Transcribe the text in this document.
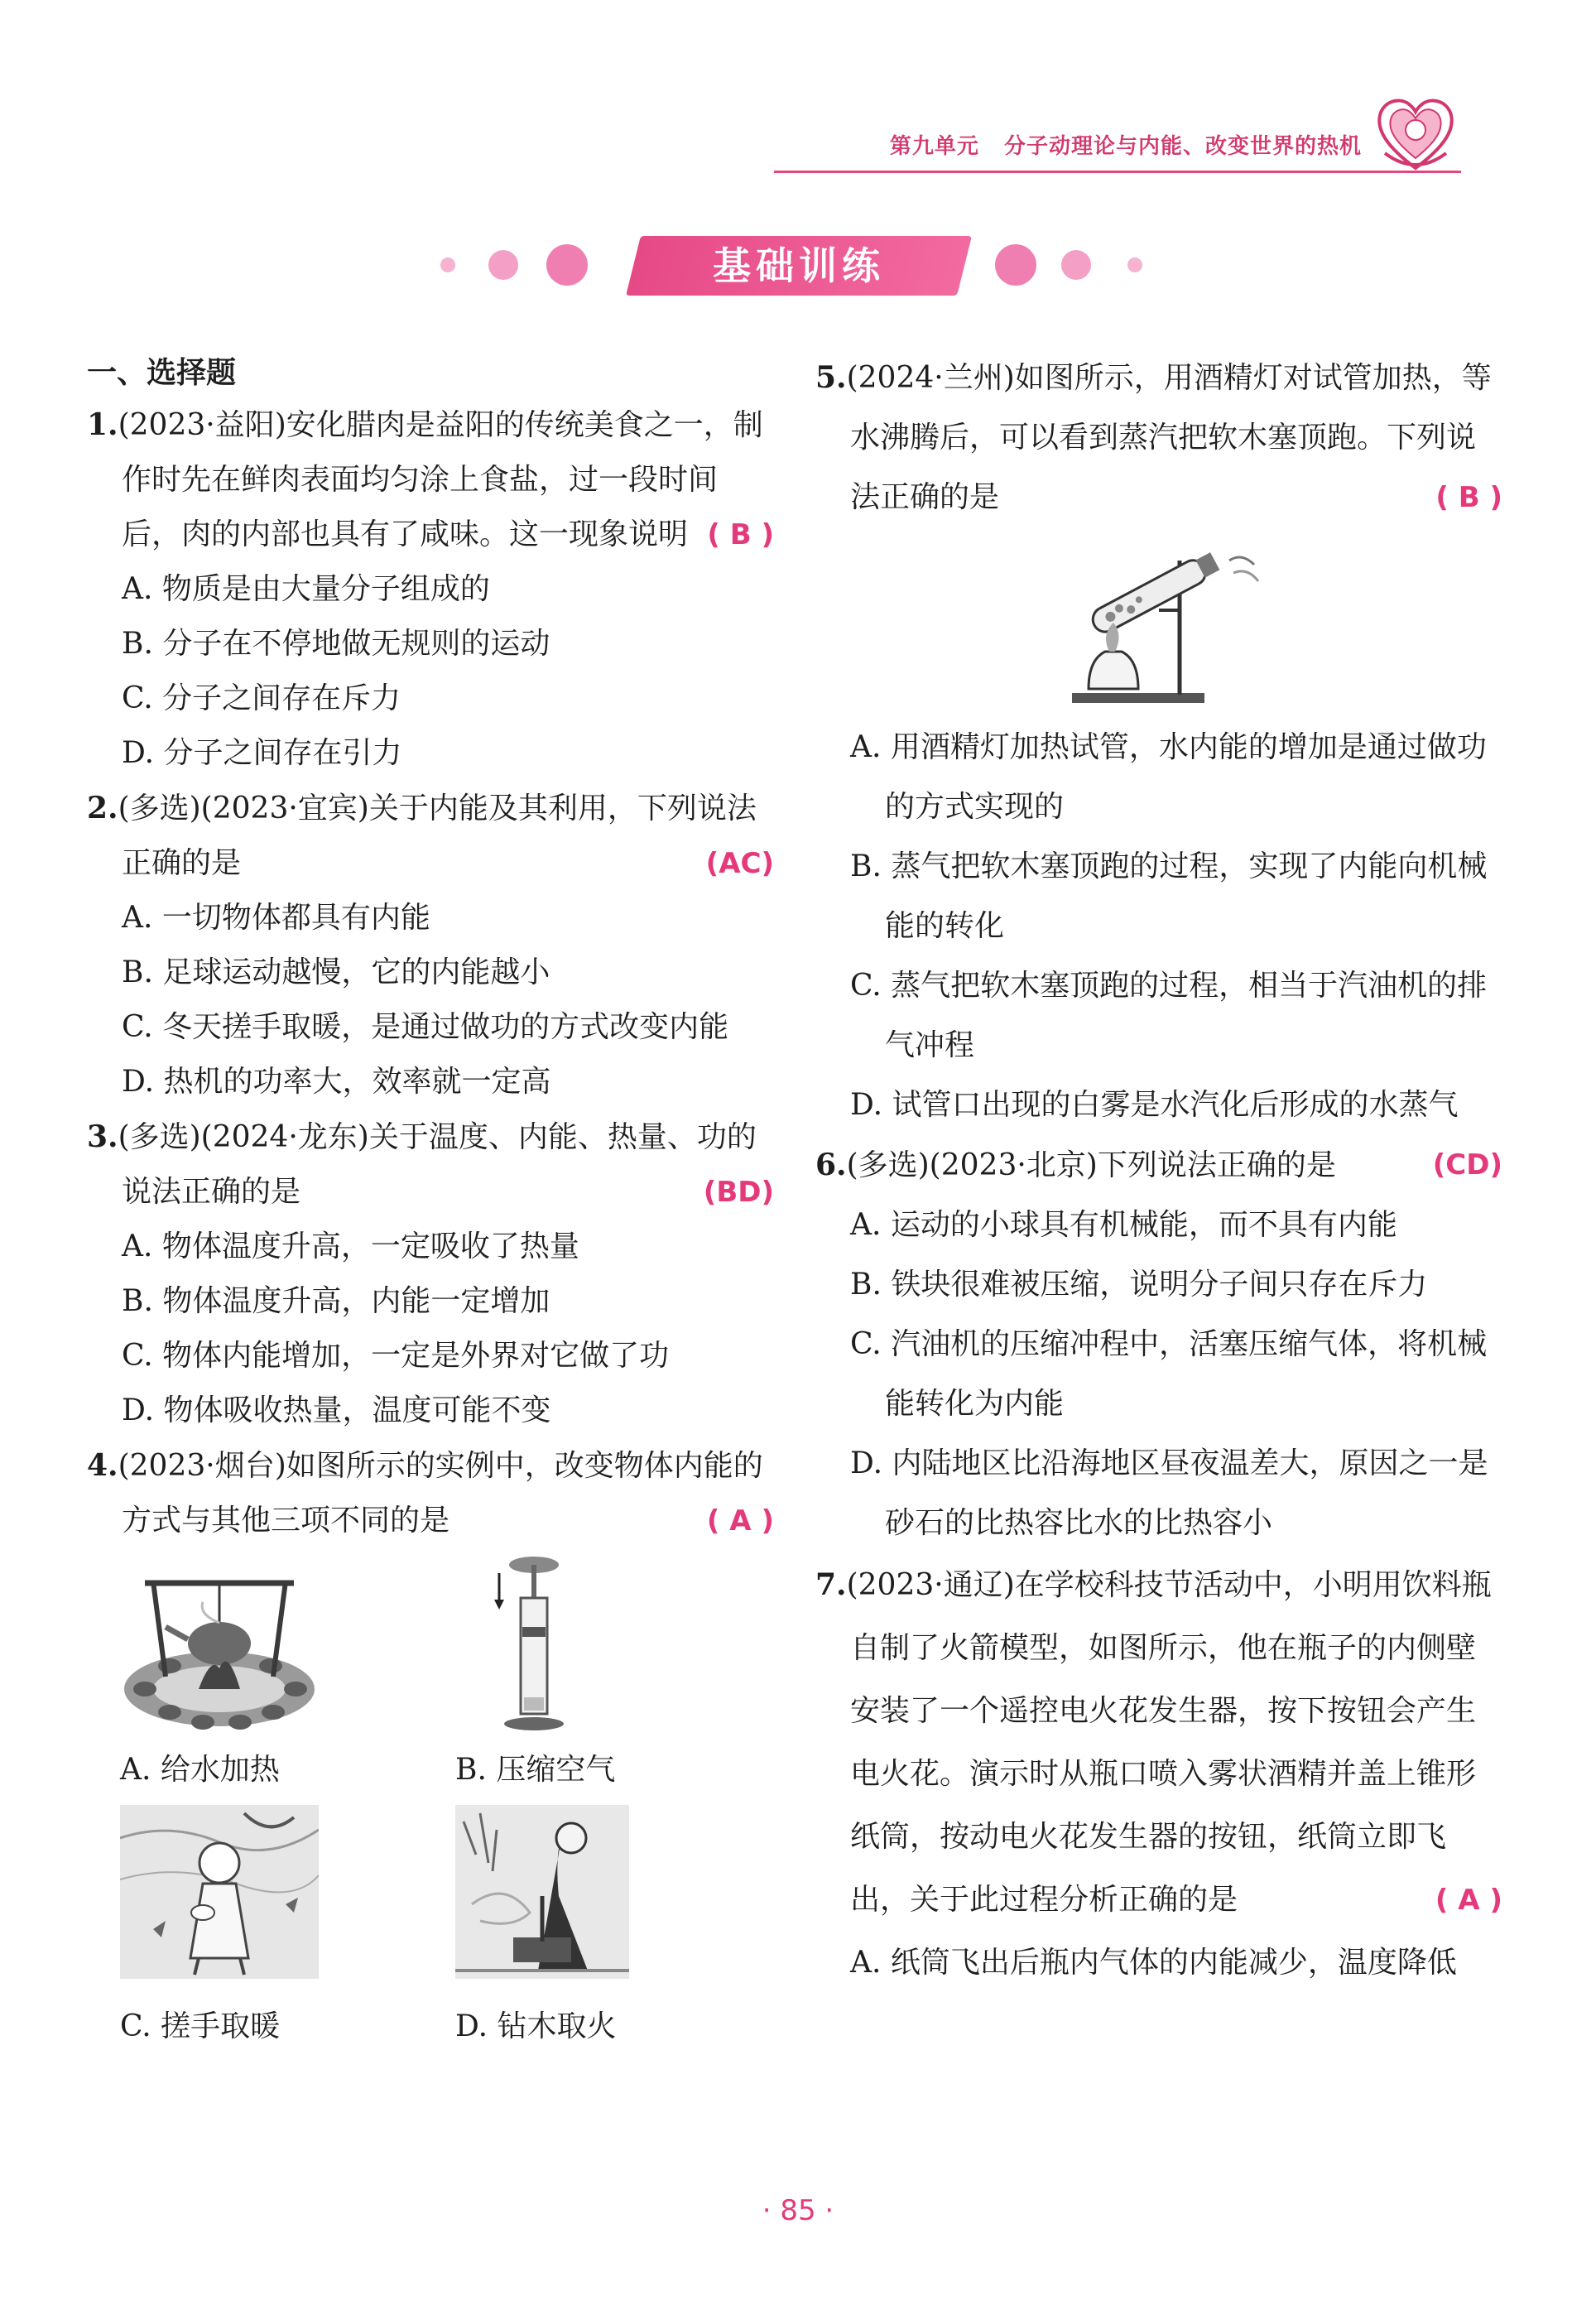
第九单元 分子动理论与内能、改变世界的热机
基础训练
一、选择题
1.(2023·益阳)安化腊肉是益阳的传统美食之一，制作时先在鲜肉表面均匀涂上食盐，过一段时间后，肉的内部也具有了咸味。这一现象说明 ( B )
A. 物质是由大量分子组成的
B. 分子在不停地做无规则的运动
C. 分子之间存在斥力
D. 分子之间存在引力
2.(多选)(2023·宜宾)关于内能及其利用，下列说法正确的是	(AC)
A. 一切物体都具有内能
B. 足球运动越慢，它的内能越小
C. 冬天搓手取暖，是通过做功的方式改变内能
D. 热机的功率大，效率就一定高
3.(多选)(2024·龙东)关于温度、内能、热量、功的说法正确的是	(BD)
A. 物体温度升高，一定吸收了热量
B. 物体温度升高，内能一定增加
C. 物体内能增加，一定是外界对它做了功
D. 物体吸收热量，温度可能不变
4.(2023·烟台)如图所示的实例中，改变物体内能的方式与其他三项不同的是	( A )
A. 给水加热	B. 压缩空气
C. 搓手取暖	D. 钻木取火
5.(2024·兰州)如图所示，用酒精灯对试管加热，等水沸腾后，可以看到蒸汽把软木塞顶跑。下列说法正确的是	( B )
A. 用酒精灯加热试管，水内能的增加是通过做功的方式实现的
B. 蒸气把软木塞顶跑的过程，实现了内能向机械能的转化
C. 蒸气把软木塞顶跑的过程，相当于汽油机的排气冲程
D. 试管口出现的白雾是水汽化后形成的水蒸气
6.(多选)(2023·北京)下列说法正确的是	(CD)
A. 运动的小球具有机械能，而不具有内能
B. 铁块很难被压缩，说明分子间只存在斥力
C. 汽油机的压缩冲程中，活塞压缩气体，将机械能转化为内能
D. 内陆地区比沿海地区昼夜温差大，原因之一是砂石的比热容比水的比热容小
7.(2023·通辽)在学校科技节活动中，小明用饮料瓶自制了火箭模型，如图所示，他在瓶子的内侧壁安装了一个遥控电火花发生器，按下按钮会产生电火花。演示时从瓶口喷入雾状酒精并盖上锥形纸筒，按动电火花发生器的按钮，纸筒立即飞出，关于此过程分析正确的是	( A )
A. 纸筒飞出后瓶内气体的内能减少，温度降低
· 85 ·
